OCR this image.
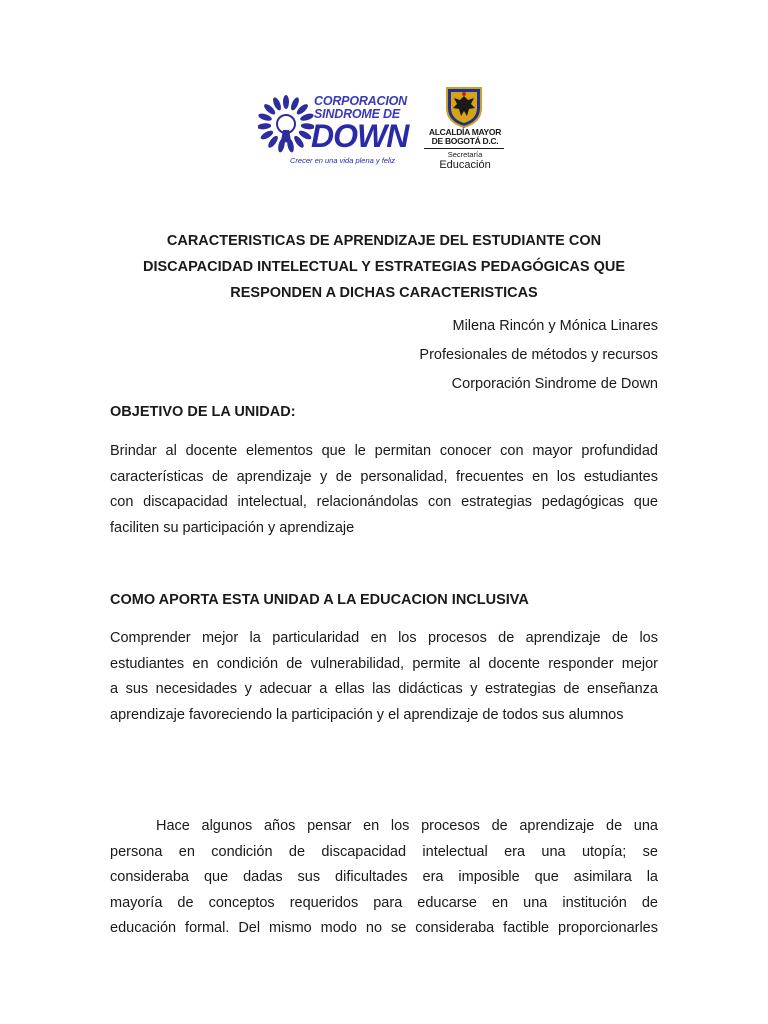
CORPORACION
SINDROME DE
DOWN
Crecer en una vida plena y feliz
ALCALDÍA MAYOR
DE BOGOTÁ D.C.
Secretaría
Educación
CARACTERISTICAS DE APRENDIZAJE DEL ESTUDIANTE CON
DISCAPACIDAD INTELECTUAL Y ESTRATEGIAS PEDAGÓGICAS QUE
RESPONDEN A DICHAS CARACTERISTICAS
Milena Rincón y Mónica Linares
Profesionales de métodos y recursos
Corporación Sindrome de Down
OBJETIVO DE LA UNIDAD:
Brindar al docente elementos que le permitan conocer con mayor profundidad
características de aprendizaje y de personalidad, frecuentes en los estudiantes
con discapacidad intelectual, relacionándolas con estrategias pedagógicas que
faciliten su participación y aprendizaje
COMO APORTA ESTA UNIDAD A LA EDUCACION INCLUSIVA
Comprender mejor la particularidad en los procesos de aprendizaje de los
estudiantes en condición de vulnerabilidad, permite al docente responder mejor
a sus necesidades y adecuar a ellas las didácticas y estrategias de enseñanza
aprendizaje favoreciendo la participación y el aprendizaje de todos sus alumnos
Hace algunos años pensar en los procesos de aprendizaje de una
persona en condición de discapacidad intelectual era una utopía; se
consideraba que dadas sus dificultades era imposible que asimilara la
mayoría de conceptos requeridos para educarse en una institución de
educación formal. Del mismo modo no se consideraba factible proporcionarles
